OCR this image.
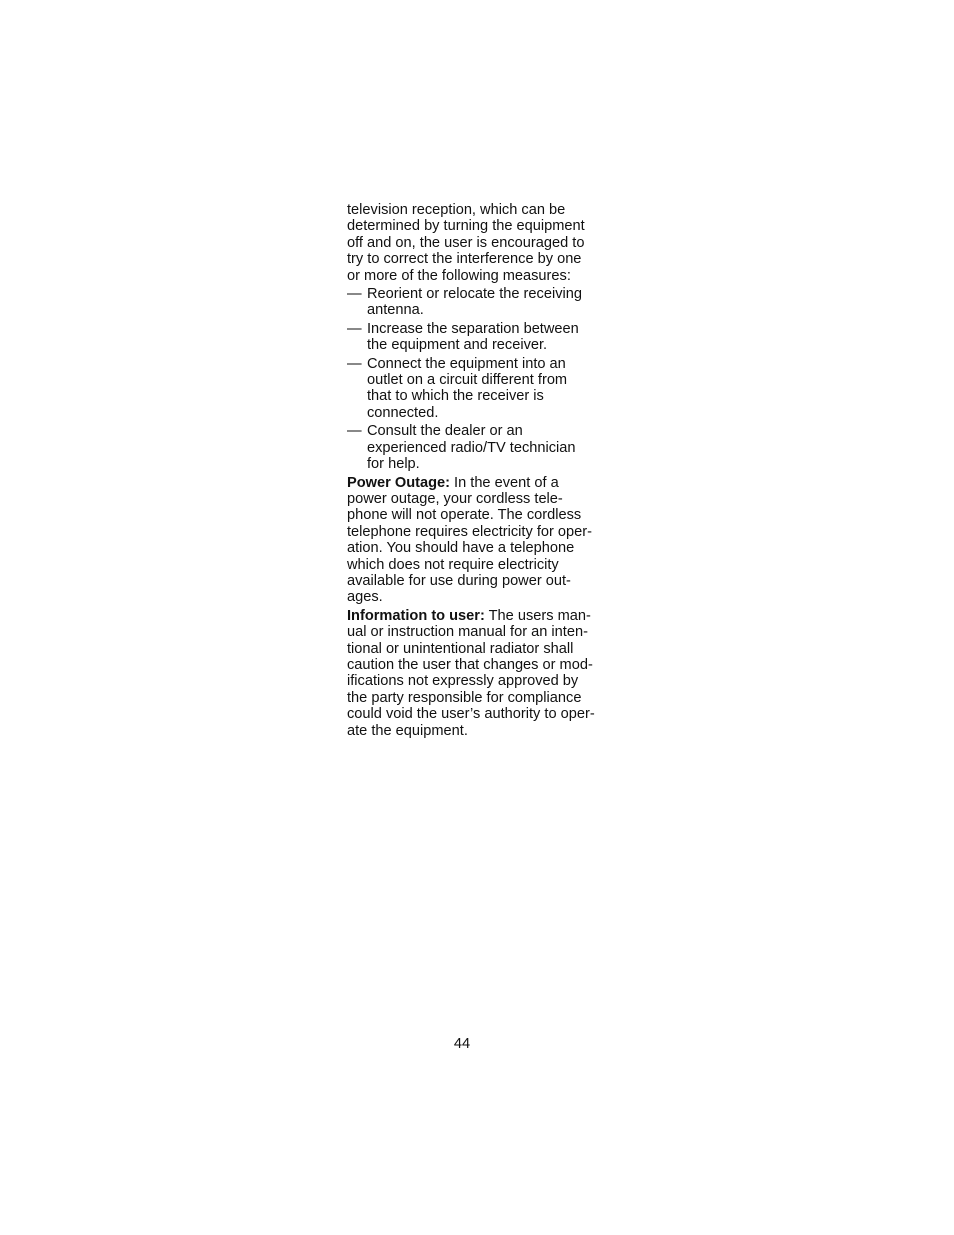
television reception, which can be
determined by turning the equipment
off and on, the user is encouraged to
try to correct the interference by one
or more of the following measures:

— Reorient or relocate the receiving
antenna.
— Increase the separation between
the equipment and receiver.
— Connect the equipment into an
outlet on a circuit different from
that to which the receiver is
connected.
— Consult the dealer or an
experienced radio/TV technician
for help.

Power Outage: In the event of a
power outage, your cordless tele-
phone will not operate. The cordless
telephone requires electricity for oper-
ation. You should have a telephone
which does not require electricity
available for use during power out-
ages.

Information to user: The users man-
ual or instruction manual for an inten-
tional or unintentional radiator shall
caution the user that changes or mod-
ifications not expressly approved by
the party responsible for compliance
could void the user’s authority to oper-
ate the equipment.

44
